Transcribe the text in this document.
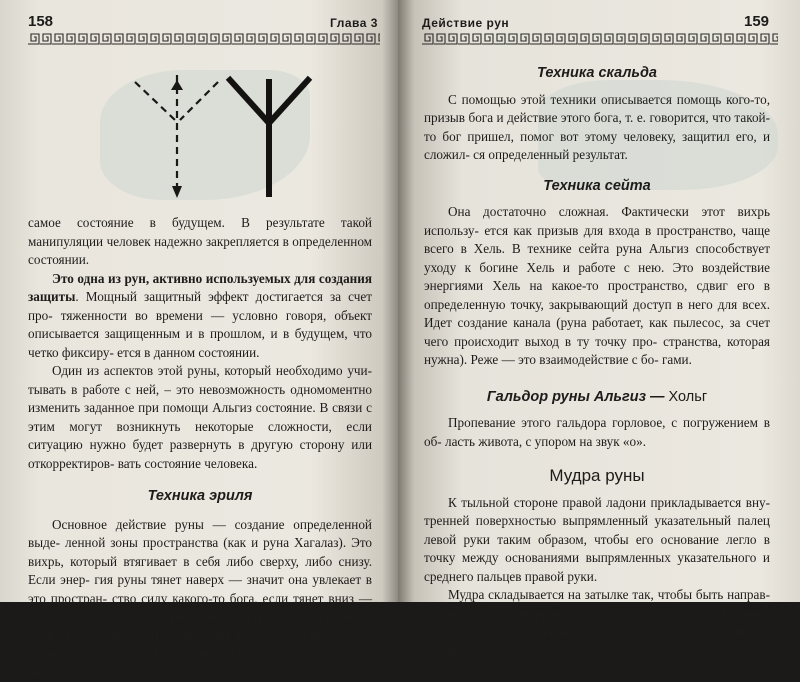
158	Глава 3

самое состояние в будущем. В результате такой манипуляции человек надежно закрепляется в определенном состоянии.

Это одна из рун, активно используемых для создания защиты. Мощный защитный эффект достигается за счет про- тяженности во времени — условно говоря, объект описывается защищенным и в прошлом, и в будущем, что четко фиксиру- ется в данном состоянии.

Один из аспектов этой руны, который необходимо учи- тывать в работе с ней, – это невозможность одномоментно изменить заданное при помощи Альгиз состояние. В связи с этим могут возникнуть некоторые сложности, если ситуацию нужно будет развернуть в другую сторону или откорректиров- вать состояние человека.

Техника эриля

Основное действие руны — создание определенной выде- ленной зоны пространства (как и руна Хагалаз). Это вихрь, который втягивает в себя либо сверху, либо снизу. Если энер- гия руны тянет наверх — значит она увлекает в это простран- ство силу какого-то бога, если тянет вниз — значит вбирает в это пространство силу богини Смерти Хель. В этом про- странстве идет взаимодействие либо с Хель, либо с богами. Пространство прорабатывается этими энергиями.

Действие рун	159

Техника скальда

С помощью этой техники описывается помощь кого-то, призыв бога и действие этого бога, т. е. говорится, что такой-то бог пришел, помог вот этому человеку, защитил его, и сложил- ся определенный результат.

Техника сейта

Она достаточно сложная. Фактически этот вихрь использу- ется как призыв для входа в пространство, чаще всего в Хель. В технике сейта руна Альгиз способствует уходу к богине Хель и работе с нею. Это воздействие энергиями Хель на какое-то пространство, сдвиг его в определенную точку, закрывающий доступ в него для всех. Идет создание канала (руна работает, как пылесос, за счет чего происходит выход в ту точку про- странства, которая нужна). Реже — это взаимодействие с бо- гами.

Гальдор руны Альгиз — Хольг

Пропевание этого гальдора горловое, с погружением в об- ласть живота, с упором на звук «о».

Мудра руны

К тыльной стороне правой ладони прикладывается вну- тренней поверхностью выпрямленный указательный палец левой руки таким образом, чтобы его основание легло в точку между основаниями выпрямленных указательного и среднего пальцев правой руки.

Мудра складывается на затылке так, чтобы быть направ- ленной вверх. Энергия руны Альгиз будет входить через руки и макушку головы, проходить всё тело и уходить в землю.
